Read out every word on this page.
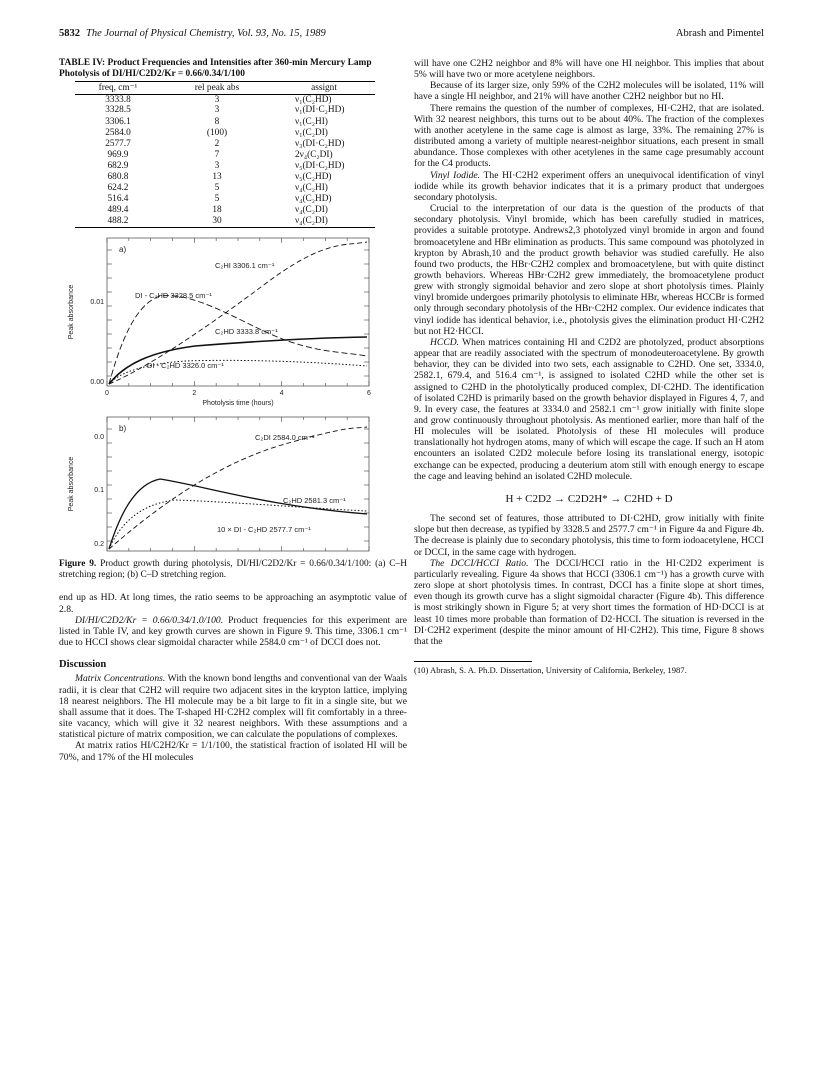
5832 The Journal of Physical Chemistry, Vol. 93, No. 15, 1989	Abrash and Pimentel
TABLE IV: Product Frequencies and Intensities after 360-min Mercury Lamp Photolysis of DI/HI/C2D2/Kr = 0.66/0.34/1/100
freq, cm⁻¹	rel peak abs	assignt
3333.8	3	ν₁(C₂HD)
3328.5	3	ν₁(DI·C₂HD)
3306.1	8	ν₁(C₂HI)
2584.0	(100)	ν₁(C₂DI)
2577.7	2	ν₃(DI·C₂HD)
969.9	7	2ν₄(C₂DI)
682.9	3	ν₅(DI·C₂HD)
680.8	13	ν₅(C₂HD)
624.2	5	ν₄(C₂HI)
516.4	5	ν₄(C₂HD)
489.4	18	ν₄(C₂DI)
488.2	30	ν₄(C₂DI)
0	2	4	6
Photolysis time (hours)
Peak absorbance
0.00
0.01
a)
C₂HI 3306.1 cm⁻¹
DI - C₂HD 3328.5 cm⁻¹
C₂HD 3333.8 cm⁻¹
DI - C₂HD 3326.0 cm⁻¹
Peak absorbance
0.0
0.1
0.2
b)
C₂DI 2584.0 cm⁻¹
C₂HD 2581.3 cm⁻¹
10 × DI - C₂HD 2577.7 cm⁻¹
Figure 9. Product growth during photolysis, DI/HI/C2D2/Kr = 0.66/0.34/1/100: (a) C–H stretching region; (b) C–D stretching region.

end up as HD. At long times, the ratio seems to be approaching an asymptotic value of 2.8.

DI/HI/C2D2/Kr = 0.66/0.34/1.0/100. Product frequencies for this experiment are listed in Table IV, and key growth curves are shown in Figure 9. This time, 3306.1 cm⁻¹ due to HCCI shows clear sigmoidal character while 2584.0 cm⁻¹ of DCCI does not.

Discussion

Matrix Concentrations. With the known bond lengths and conventional van der Waals radii, it is clear that C2H2 will require two adjacent sites in the krypton lattice, implying 18 nearest neighbors. The HI molecule may be a bit large to fit in a single site, but we shall assume that it does. The T-shaped HI·C2H2 complex will fit comfortably in a three-site vacancy, which will give it 32 nearest neighbors. With these assumptions and a statistical picture of matrix composition, we can calculate the populations of complexes.

At matrix ratios HI/C2H2/Kr = 1/1/100, the statistical fraction of isolated HI will be 70%, and 17% of the HI molecules

will have one C2H2 neighbor and 8% will have one HI neighbor. This implies that about 5% will have two or more acetylene neighbors.

Because of its larger size, only 59% of the C2H2 molecules will be isolated, 11% will have a single HI neighbor, and 21% will have another C2H2 neighbor but no HI.

There remains the question of the number of complexes, HI·C2H2, that are isolated. With 32 nearest neighbors, this turns out to be about 40%. The fraction of the complexes with another acetylene in the same cage is almost as large, 33%. The remaining 27% is distributed among a variety of multiple nearest-neighbor situations, each present in small abundance. Those complexes with other acetylenes in the same cage presumably account for the C4 products.

Vinyl Iodide. The HI·C2H2 experiment offers an unequivocal identification of vinyl iodide while its growth behavior indicates that it is a primary product that undergoes secondary photolysis.

Crucial to the interpretation of our data is the question of the products of that secondary photolysis. Vinyl bromide, which has been carefully studied in matrices, provides a suitable prototype. Andrews2,3 photolyzed vinyl bromide in argon and found bromoacetylene and HBr elimination as products. This same compound was photolyzed in krypton by Abrash,10 and the product growth behavior was studied carefully. He also found two products, the HBr·C2H2 complex and bromoacetylene, but with quite distinct growth behaviors. Whereas HBr·C2H2 grew immediately, the bromoacetylene product grew with strongly sigmoidal behavior and zero slope at short photolysis times. Plainly vinyl bromide undergoes primarily photolysis to eliminate HBr, whereas HCCBr is formed only through secondary photolysis of the HBr·C2H2 complex. Our evidence indicates that vinyl iodide has identical behavior, i.e., photolysis gives the elimination product HI·C2H2 but not H2·HCCI.

HCCD. When matrices containing HI and C2D2 are photolyzed, product absorptions appear that are readily associated with the spectrum of monodeuteroacetylene. By growth behavior, they can be divided into two sets, each assignable to C2HD. One set, 3334.0, 2582.1, 679.4, and 516.4 cm⁻¹, is assigned to isolated C2HD while the other set is assigned to C2HD in the photolytically produced complex, DI·C2HD. The identification of isolated C2HD is primarily based on the growth behavior displayed in Figures 4, 7, and 9. In every case, the features at 3334.0 and 2582.1 cm⁻¹ grow initially with finite slope and grow continuously throughout photolysis. As mentioned earlier, more than half of the HI molecules will be isolated. Photolysis of these HI molecules will produce translationally hot hydrogen atoms, many of which will escape the cage. If such an H atom encounters an isolated C2D2 molecule before losing its translational energy, isotopic exchange can be expected, producing a deuterium atom still with enough energy to escape the cage and leaving behind an isolated C2HD molecule.

H + C2D2 → C2D2H* → C2HD + D

The second set of features, those attributed to DI·C2HD, grow initially with finite slope but then decrease, as typified by 3328.5 and 2577.7 cm⁻¹ in Figure 4a and Figure 4b. The decrease is plainly due to secondary photolysis, this time to form iodoacetylene, HCCI or DCCI, in the same cage with hydrogen.

The DCCI/HCCI Ratio. The DCCI/HCCI ratio in the HI·C2D2 experiment is particularly revealing. Figure 4a shows that HCCI (3306.1 cm⁻¹) has a growth curve with zero slope at short photolysis times. In contrast, DCCI has a finite slope at short times, even though its growth curve has a slight sigmoidal character (Figure 4b). This difference is most strikingly shown in Figure 5; at very short times the formation of HD·DCCI is at least 10 times more probable than formation of D2·HCCI. The situation is reversed in the DI·C2H2 experiment (despite the minor amount of HI·C2H2). This time, Figure 8 shows that the

(10) Abrash, S. A. Ph.D. Dissertation, University of California, Berkeley, 1987.
